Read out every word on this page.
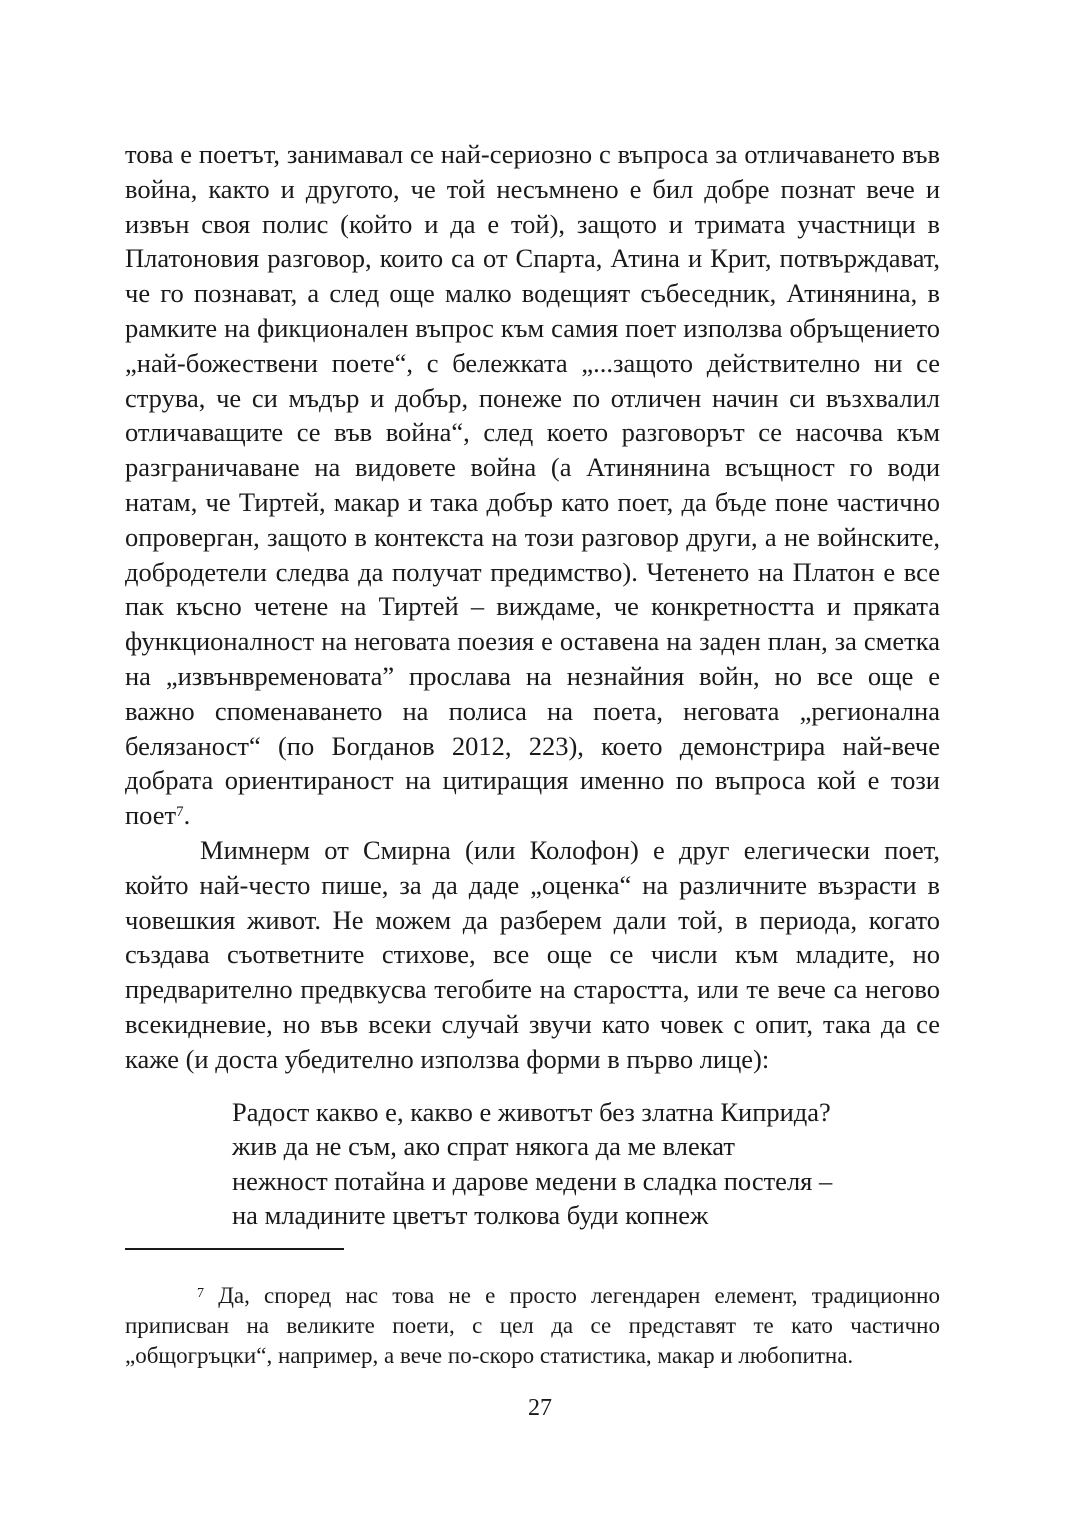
това е поетът, занимавал се най-сериозно с въпроса за отличаването във война, както и другото, че той несъмнено е бил добре познат вече и извън своя полис (който и да е той), защото и тримата участници в Платоновия разговор, които са от Спарта, Атина и Крит, потвърждават, че го познават, а след още малко водещият събеседник, Атинянина, в рамките на фикционален въпрос към самия поет използва обръщението „най-божествени поете“, с бележката „...защото действително ни се струва, че си мъдър и добър, понеже по отличен начин си възхвалил отличаващите се във война“, след което разговорът се насочва към разграничаване на видовете война (а Атинянина всъщност го води натам, че Тиртей, макар и така добър като поет, да бъде поне частично опроверган, защото в контекста на този разговор други, а не войнските, добродетели следва да получат предимство). Четенето на Платон е все пак късно четене на Тиртей – виждаме, че конкретността и пряката функционалност на неговата поезия е оставена на заден план, за сметка на „извънвременовата” прослава на незнайния войн, но все още е важно споменаването на полиса на поета, неговата „регионална белязаност“ (по Богданов 2012, 223), което демонстрира най-вече добрата ориентираност на цитиращия именно по въпроса кой е този поет$^7$.

Мимнерм от Смирна (или Колофон) е друг елегически поет, който най-често пише, за да даде „оценка“ на различните възрасти в човешкия живот. Не можем да разберем дали той, в периода, когато създава съответните стихове, все още се числи към младите, но предварително предвкусва тегобите на старостта, или те вече са негово всекидневие, но във всеки случай звучи като човек с опит, така да се каже (и доста убедително използва форми в първо лице):

Радост какво е, какво е животът без златна Киприда?
жив да не съм, ако спрат някога да ме влекат
нежност потайна и дарове медени в сладка постеля –
на младините цветът толкова буди копнеж

$^7$ Да, според нас това не е просто легендарен елемент, традиционно приписван на великите поети, с цел да се представят те като частично „общогръцки“, например, а вече по-скоро статистика, макар и любопитна.

27
